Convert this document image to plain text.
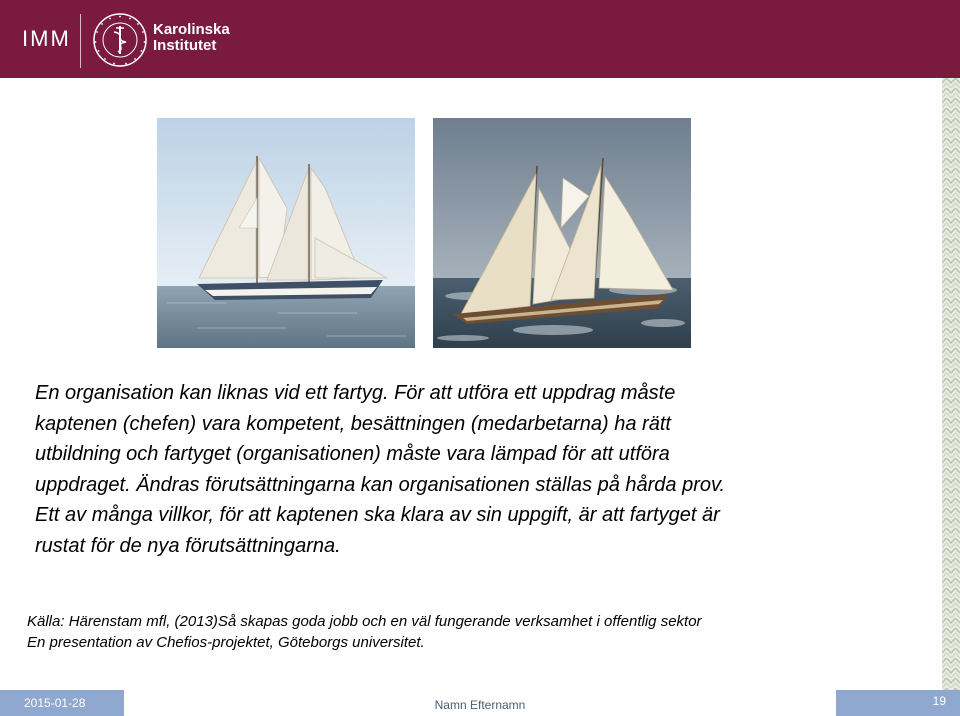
IMM	Karolinska
Institutet
En organisation kan liknas vid ett fartyg. För att utföra ett uppdrag måste
kaptenen (chefen) vara kompetent, besättningen (medarbetarna) ha rätt
utbildning och fartyget (organisationen) måste vara lämpad för att utföra
uppdraget. Ändras förutsättningarna kan organisationen ställas på hårda prov.
Ett av många villkor, för att kaptenen ska klara av sin uppgift, är att fartyget är
rustat för de nya förutsättningarna.
Källa: Härenstam mfl, (2013)Så skapas goda jobb och en väl fungerande verksamhet i offentlig sektor
En presentation av Chefios-projektet, Göteborgs universitet.
2015-01-28	Namn Efternamn	19
